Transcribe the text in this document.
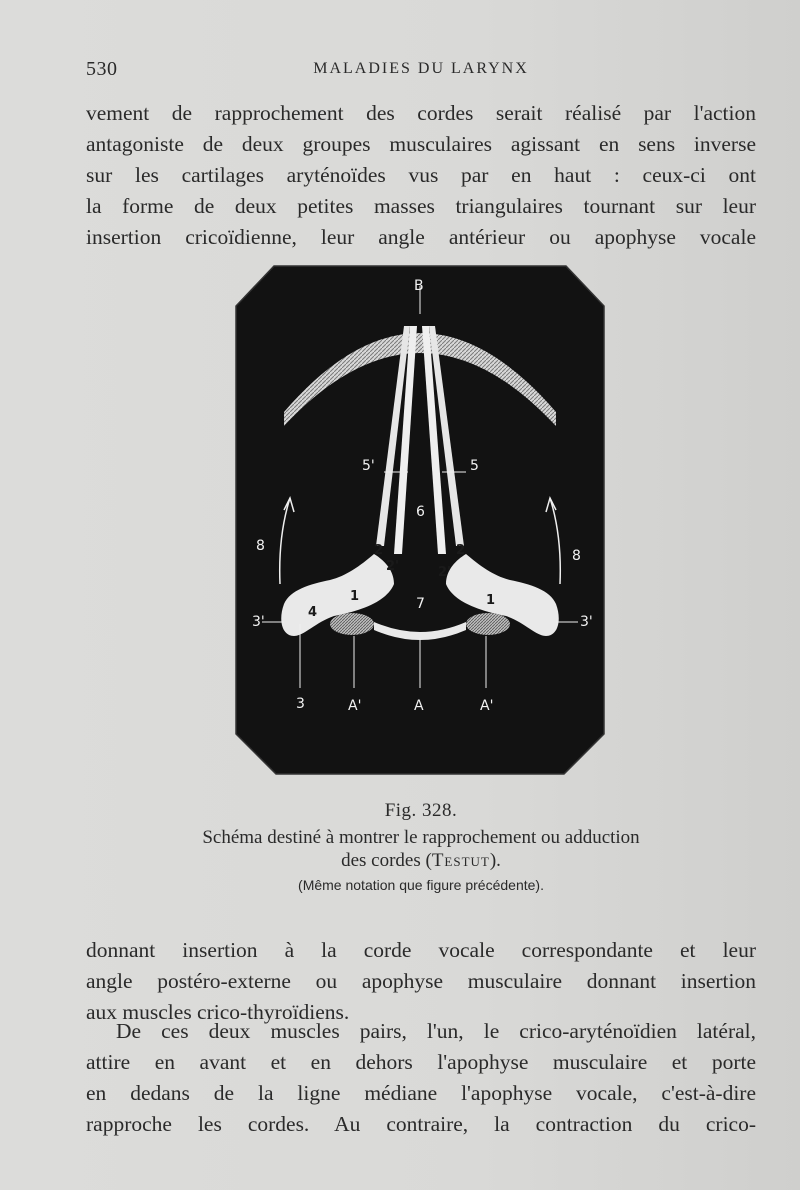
530	MALADIES DU LARYNX
vement de rapprochement des cordes serait réalisé par l'action
antagoniste de deux groupes musculaires agissant en sens inverse
sur les cartilages aryténoïdes vus par en haut : ceux-ci ont
la forme de deux petites masses triangulaires tournant sur leur
insertion cricoïdienne, leur angle antérieur ou apophyse vocale
B
5'	5
6
8
8
2
2'
2
2'
1	1
4
7
3'	3'
3	A'	A	A'
Fig. 328.
Schéma destiné à montrer le rapprochement ou adduction
des cordes (Testut).
(Même notation que figure précédente).
donnant insertion à la corde vocale correspondante et leur
angle postéro-externe ou apophyse musculaire donnant insertion
aux muscles crico-thyroïdiens.
De ces deux muscles pairs, l'un, le crico-aryténoïdien latéral,
attire en avant et en dehors l'apophyse musculaire et porte
en dedans de la ligne médiane l'apophyse vocale, c'est-à-dire
rapproche les cordes. Au contraire, la contraction du crico-
